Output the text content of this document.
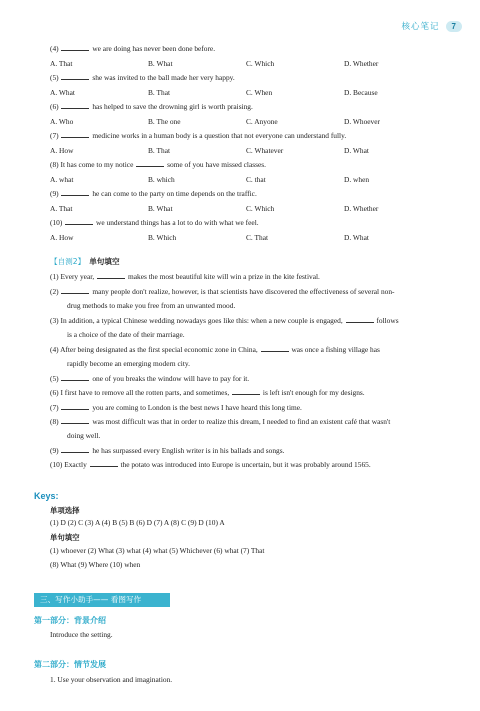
核心笔记	7
(4)	we are doing has never been done before.
A. That	B. What	C. Which	D. Whether
(5)	she was invited to the ball made her very happy.
A. What	B. That	C. When	D. Because
(6)	has helped to save the drowning girl is worth praising.
A. Who	B. The one	C. Anyone	D. Whoever
(7)	medicine works in a human body is a question that not everyone can understand fully.
A. How	B. That	C. Whatever	D. What
(8) It has come to my notice	some of you have missed classes.
A. what	B. which	C. that	D. when
(9)	he can come to the party on time depends on the traffic.
A. That	B. What	C. Which	D. Whether
(10)	we understand things has a lot to do with what we feel.
A. How	B. Which	C. That	D. What
【自测2】 单句填空
(1) Every year,	makes the most beautiful kite will win a prize in the kite festival.
(2)	many people don't realize, however, is that scientists have discovered the effectiveness of several non-
drug methods to make you free from an unwanted mood.
(3) In addition, a typical Chinese wedding nowadays goes like this: when a new couple is engaged,	follows
is a choice of the date of their marriage.
(4) After being designated as the first special economic zone in China,	was once a fishing village has
rapidly become an emerging modern city.
(5)	one of you breaks the window will have to pay for it.
(6) I first have to remove all the rotten parts, and sometimes,	is left isn't enough for my designs.
(7)	you are coming to London is the best news I have heard this long time.
(8)	was most difficult was that in order to realize this dream, I needed to find an existent café that wasn't
doing well.
(9)	he has surpassed every English writer is in his ballads and songs.
(10) Exactly	the potato was introduced into Europe is uncertain, but it was probably around 1565.
Keys:
单项选择
(1) D (2) C (3) A (4) B (5) B (6) D (7) A (8) C (9) D (10) A
单句填空
(1) whoever (2) What (3) what (4) what (5) Whichever (6) what (7) That
(8) What (9) Where (10) when
三、写作小助手—— 看图写作
第一部分：背景介绍
Introduce the setting.
第二部分：情节发展
1. Use your observation and imagination.
